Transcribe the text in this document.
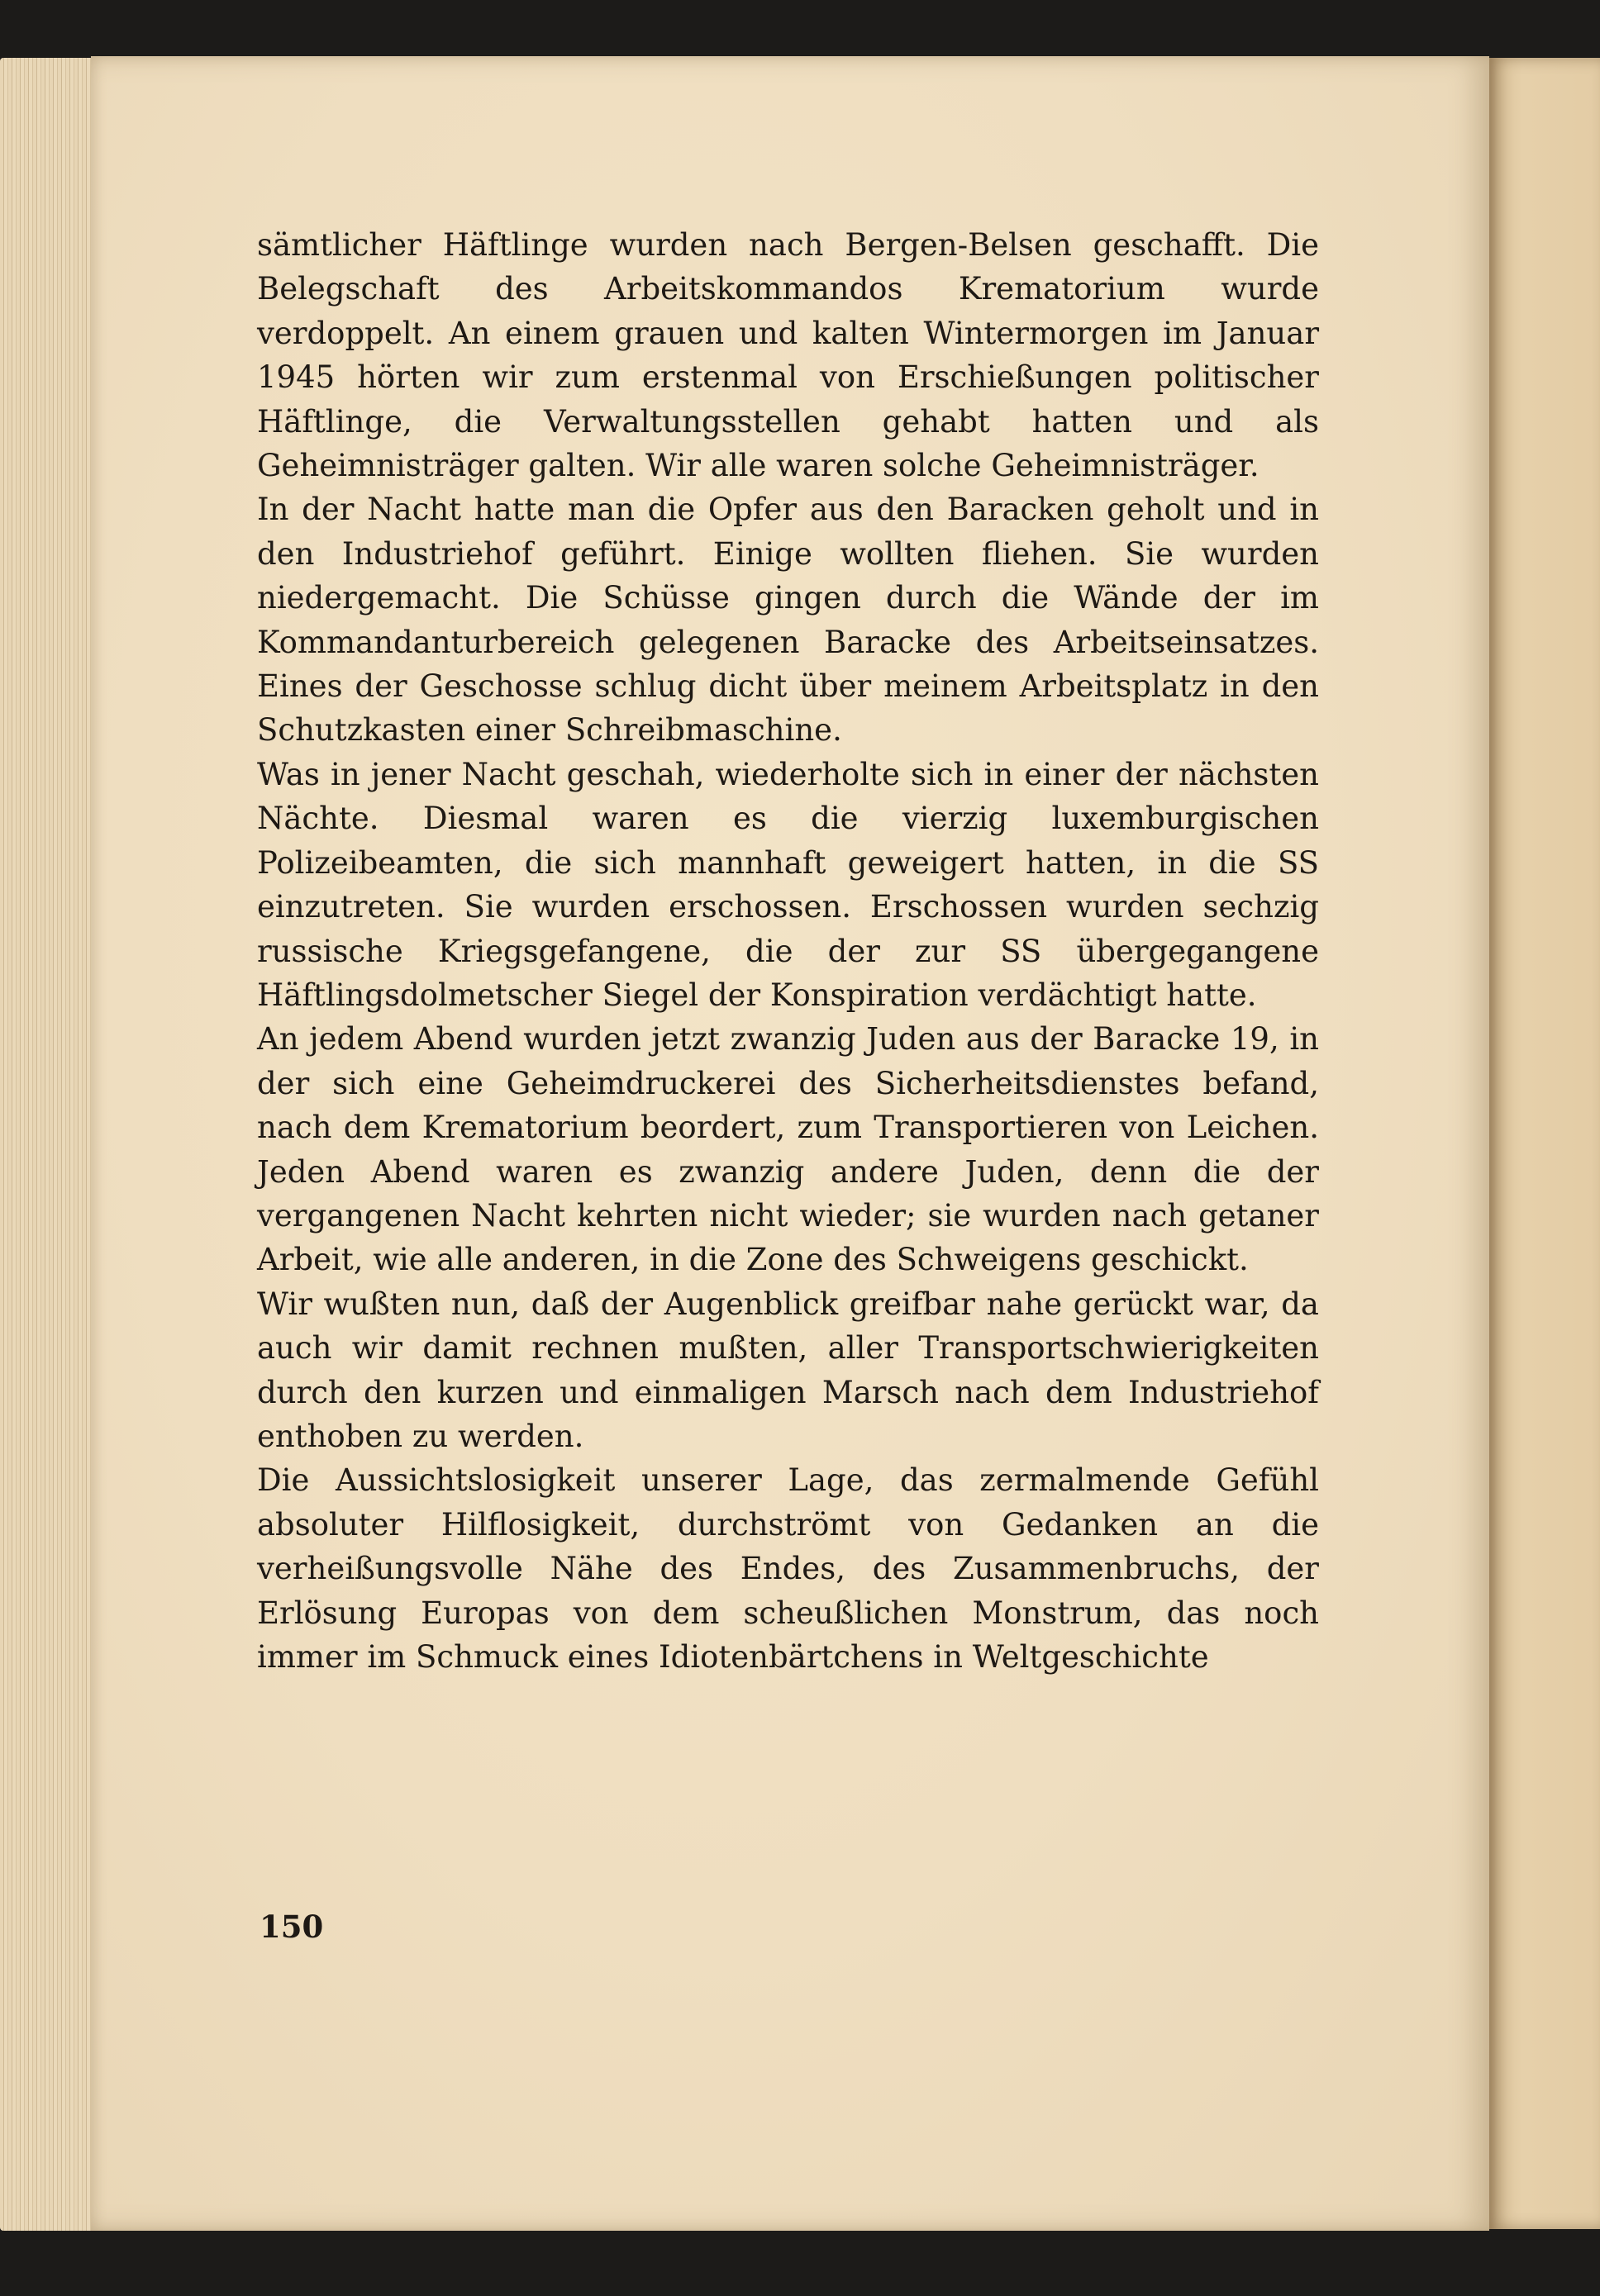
sämtlicher Häftlinge wurden nach Bergen-Belsen geschafft. Die Belegschaft des Arbeitskommandos Krematorium wurde verdoppelt. An einem grauen und kalten Wintermorgen im Januar 1945 hörten wir zum erstenmal von Erschießungen politischer Häftlinge, die Verwaltungsstellen gehabt hatten und als Geheimnisträger galten. Wir alle waren solche Geheimnisträger.

In der Nacht hatte man die Opfer aus den Baracken geholt und in den Industriehof geführt. Einige wollten fliehen. Sie wurden niedergemacht. Die Schüsse gingen durch die Wände der im Kommandanturbereich gelegenen Baracke des Arbeitseinsatzes. Eines der Geschosse schlug dicht über meinem Arbeitsplatz in den Schutzkasten einer Schreibmaschine.

Was in jener Nacht geschah, wiederholte sich in einer der nächsten Nächte. Diesmal waren es die vierzig luxemburgischen Polizeibeamten, die sich mannhaft geweigert hatten, in die SS einzutreten. Sie wurden erschossen. Erschossen wurden sechzig russische Kriegsgefangene, die der zur SS übergegangene Häftlingsdolmetscher Siegel der Konspiration verdächtigt hatte.

An jedem Abend wurden jetzt zwanzig Juden aus der Baracke 19, in der sich eine Geheimdruckerei des Sicherheitsdienstes befand, nach dem Krematorium beordert, zum Transportieren von Leichen. Jeden Abend waren es zwanzig andere Juden, denn die der vergangenen Nacht kehrten nicht wieder; sie wurden nach getaner Arbeit, wie alle anderen, in die Zone des Schweigens geschickt.

Wir wußten nun, daß der Augenblick greifbar nahe gerückt war, da auch wir damit rechnen mußten, aller Transportschwierigkeiten durch den kurzen und einmaligen Marsch nach dem Industriehof enthoben zu werden.

Die Aussichtslosigkeit unserer Lage, das zermalmende Gefühl absoluter Hilflosigkeit, durchströmt von Gedanken an die verheißungsvolle Nähe des Endes, des Zusammenbruchs, der Erlösung Europas von dem scheußlichen Monstrum, das noch immer im Schmuck eines Idiotenbärtchens in Weltgeschichte

150
